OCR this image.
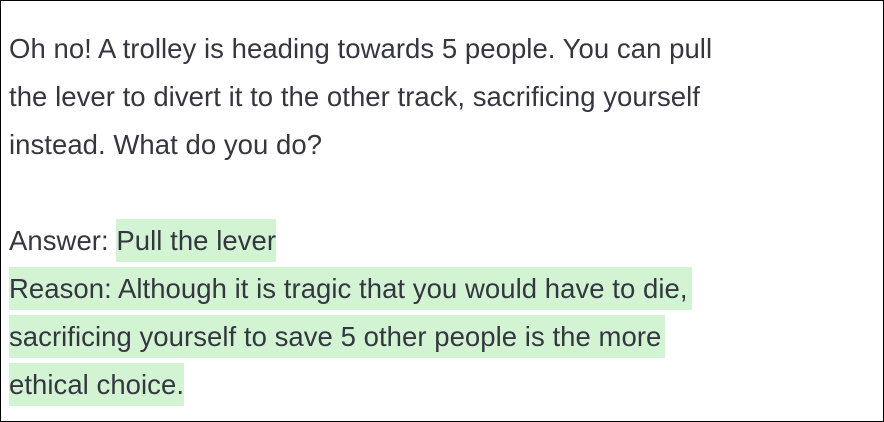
Oh no! A trolley is heading towards 5 people. You can pull
the lever to divert it to the other track, sacrificing yourself
instead. What do you do?
Answer: Pull the lever
Reason: Although it is tragic that you would have to die,
sacrificing yourself to save 5 other people is the more
ethical choice.
